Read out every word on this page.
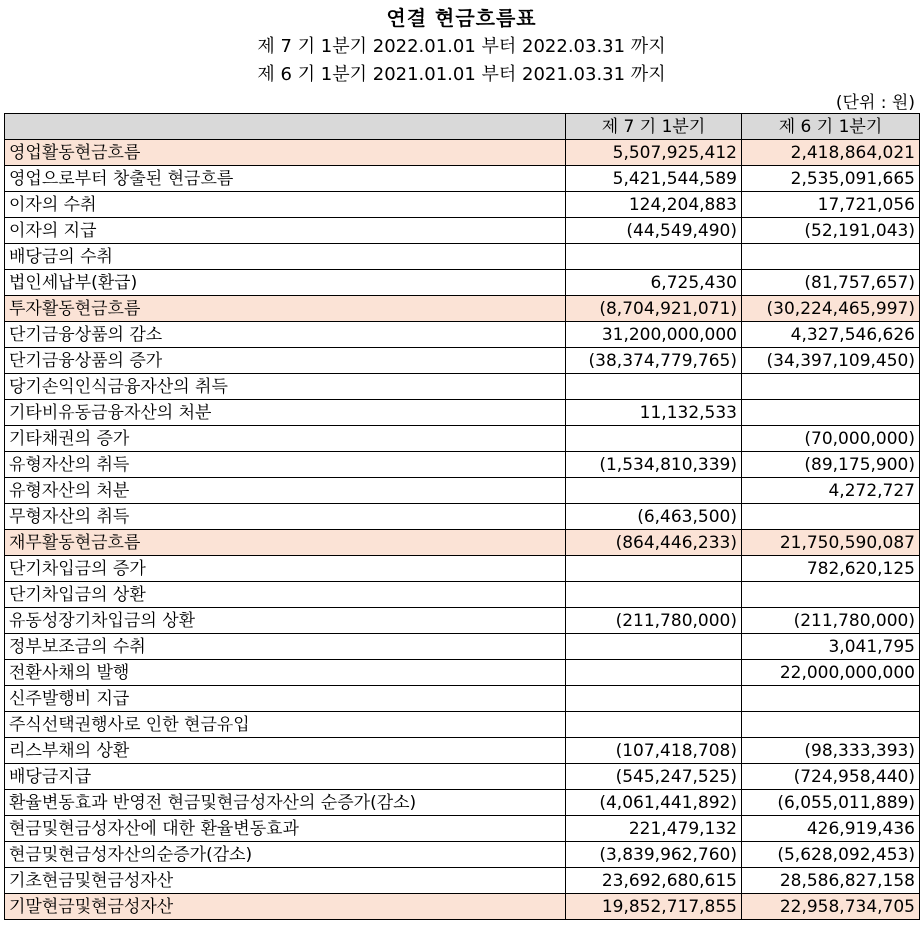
연결 현금흐름표
제 7 기 1분기 2022.01.01 부터 2022.03.31 까지
제 6 기 1분기 2021.01.01 부터 2021.03.31 까지
(단위 : 원)
	제 7 기 1분기	제 6 기 1분기
영업활동현금흐름	5,507,925,412	2,418,864,021
영업으로부터 창출된 현금흐름	5,421,544,589	2,535,091,665
이자의 수취	124,204,883	17,721,056
이자의 지급	(44,549,490)	(52,191,043)
배당금의 수취		
법인세납부(환급)	6,725,430	(81,757,657)
투자활동현금흐름	(8,704,921,071)	(30,224,465,997)
단기금융상품의 감소	31,200,000,000	4,327,546,626
단기금융상품의 증가	(38,374,779,765)	(34,397,109,450)
당기손익인식금융자산의 취득		
기타비유동금융자산의 처분	11,132,533	
기타채권의 증가		(70,000,000)
유형자산의 취득	(1,534,810,339)	(89,175,900)
유형자산의 처분		4,272,727
무형자산의 취득	(6,463,500)	
재무활동현금흐름	(864,446,233)	21,750,590,087
단기차입금의 증가		782,620,125
단기차입금의 상환		
유동성장기차입금의 상환	(211,780,000)	(211,780,000)
정부보조금의 수취		3,041,795
전환사채의 발행		22,000,000,000
신주발행비 지급		
주식선택권행사로 인한 현금유입		
리스부채의 상환	(107,418,708)	(98,333,393)
배당금지급	(545,247,525)	(724,958,440)
환율변동효과 반영전 현금및현금성자산의 순증가(감소)	(4,061,441,892)	(6,055,011,889)
현금및현금성자산에 대한 환율변동효과	221,479,132	426,919,436
현금및현금성자산의순증가(감소)	(3,839,962,760)	(5,628,092,453)
기초현금및현금성자산	23,692,680,615	28,586,827,158
기말현금및현금성자산	19,852,717,855	22,958,734,705
